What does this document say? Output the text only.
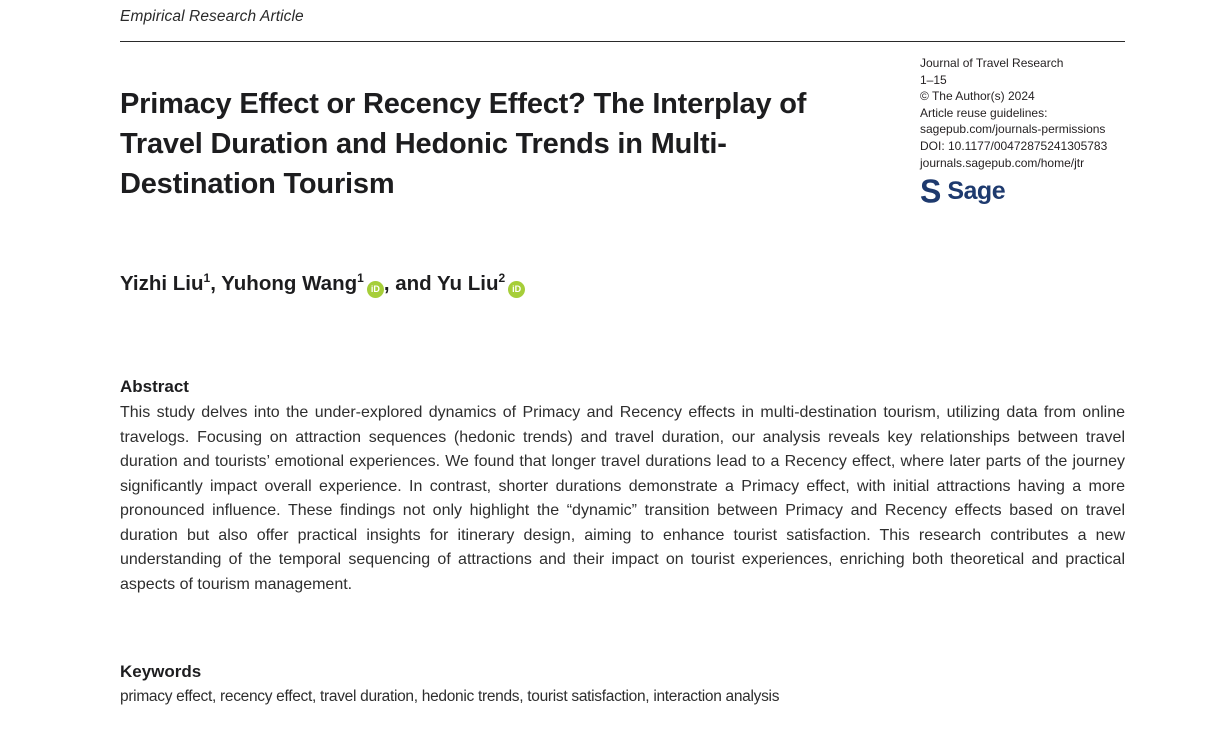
Empirical Research Article
Primacy Effect or Recency Effect? The Interplay of Travel Duration and Hedonic Trends in Multi-Destination Tourism
Journal of Travel Research
1–15
© The Author(s) 2024
Article reuse guidelines:
sagepub.com/journals-permissions
DOI: 10.1177/00472875241305783
journals.sagepub.com/home/jtr
S Sage
Yizhi Liu$^1$, Yuhong Wang$^1$iD , and Yu Liu$^2$iD
Abstract
This study delves into the under-explored dynamics of Primacy and Recency effects in multi-destination tourism, utilizing data from online travelogs. Focusing on attraction sequences (hedonic trends) and travel duration, our analysis reveals key relationships between travel duration and tourists’ emotional experiences. We found that longer travel durations lead to a Recency effect, where later parts of the journey significantly impact overall experience. In contrast, shorter durations demonstrate a Primacy effect, with initial attractions having a more pronounced influence. These findings not only highlight the “dynamic” transition between Primacy and Recency effects based on travel duration but also offer practical insights for itinerary design, aiming to enhance tourist satisfaction. This research contributes a new understanding of the temporal sequencing of attractions and their impact on tourist experiences, enriching both theoretical and practical aspects of tourism management.
Keywords
primacy effect, recency effect, travel duration, hedonic trends, tourist satisfaction, interaction analysis
